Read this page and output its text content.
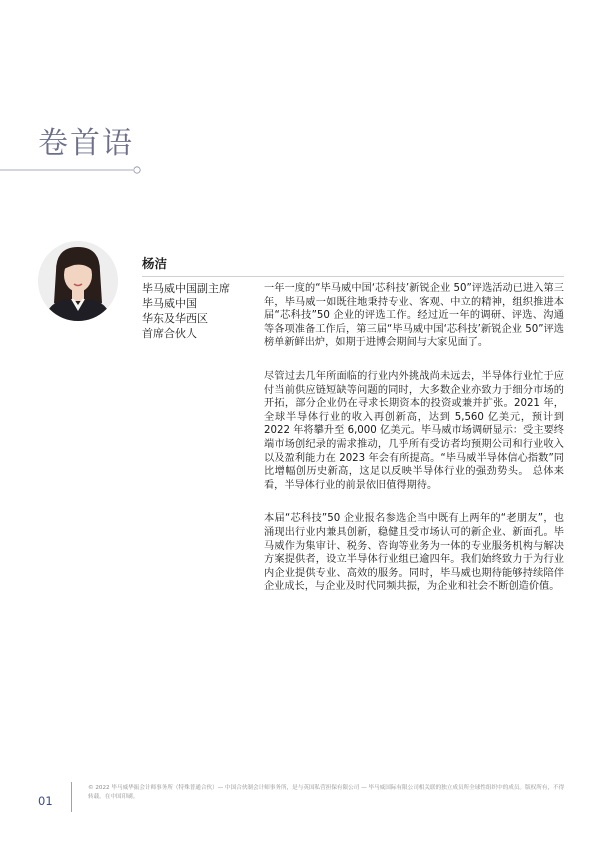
卷首语
杨洁
毕马威中国副主席
毕马威中国
华东及华西区
首席合伙人

一年一度的“毕马威中国‘芯科技’新锐企业 50”评选活动已进入第三年，毕马威一如既往地秉持专业、客观、中立的精神，组织推进本届“芯科技”50 企业的评选工作。经过近一年的调研、评选、沟通等各项准备工作后，第三届“毕马威中国‘芯科技’新锐企业 50”评选榜单新鲜出炉，如期于进博会期间与大家见面了。

尽管过去几年所面临的行业内外挑战尚未远去，半导体行业忙于应付当前供应链短缺等问题的同时，大多数企业亦致力于细分市场的开拓，部分企业仍在寻求长期资本的投资或兼并扩张。2021 年，全球半导体行业的收入再创新高，达到 5,560 亿美元，预计到 2022 年将攀升至 6,000 亿美元。毕马威市场调研显示：受主要终端市场创纪录的需求推动，几乎所有受访者均预期公司和行业收入以及盈利能力在 2023 年会有所提高。“毕马威半导体信心指数”同比增幅创历史新高，这足以反映半导体行业的强劲势头。 总体来看，半导体行业的前景依旧值得期待。

本届“芯科技”50 企业报名参选企当中既有上两年的“老朋友”，也涌现出行业内兼具创新，稳健且受市场认可的新企业、新面孔。毕马威作为集审计、税务、咨询等业务为一体的专业服务机构与解决方案提供者，设立半导体行业组已逾四年。我们始终致力于为行业内企业提供专业、高效的服务。同时，毕马威也期待能够持续陪伴企业成长，与企业及时代同频共振，为企业和社会不断创造价值。

01

© 2022 毕马威华振会计师事务所（特殊普通合伙）— 中国合伙制会计师事务所，是与英国私营担保有限公司 — 毕马威国际有限公司相关联的独立成员所全球性组织中的成员。版权所有，不得转载。在中国印刷。
